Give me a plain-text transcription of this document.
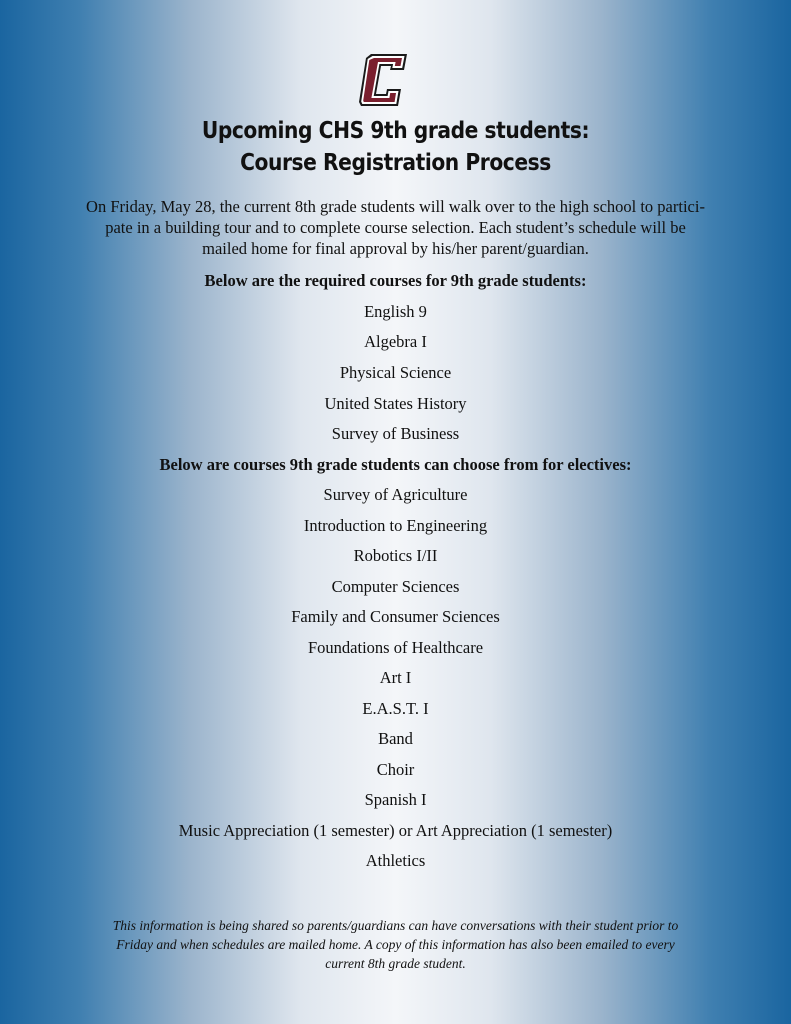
Upcoming CHS 9th grade students:
Course Registration Process
On Friday, May 28, the current 8th grade students will walk over to the high school to partici-
pate in a building tour and to complete course selection. Each student’s schedule will be
mailed home for final approval by his/her parent/guardian.
Below are the required courses for 9th grade students:
English 9
Algebra I
Physical Science
United States History
Survey of Business
Below are courses 9th grade students can choose from for electives:
Survey of Agriculture
Introduction to Engineering
Robotics I/II
Computer Sciences
Family and Consumer Sciences
Foundations of Healthcare
Art I
E.A.S.T. I
Band
Choir
Spanish I
Music Appreciation (1 semester) or Art Appreciation (1 semester)
Athletics
This information is being shared so parents/guardians can have conversations with their student prior to
Friday and when schedules are mailed home. A copy of this information has also been emailed to every
current 8th grade student.
